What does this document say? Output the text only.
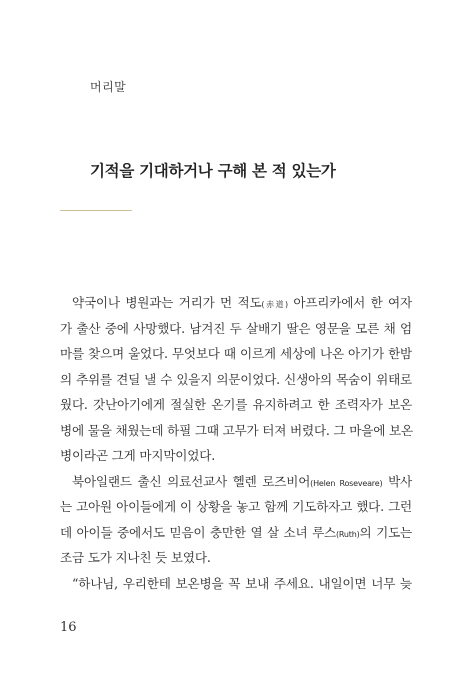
머리말
기적을 기대하거나 구해 본 적 있는가
약국이나 병원과는 거리가 먼 적도(赤道) 아프리카에서 한 여자
가 출산 중에 사망했다. 남겨진 두 살배기 딸은 영문을 모른 채 엄
마를 찾으며 울었다. 무엇보다 때 이르게 세상에 나온 아기가 한밤
의 추위를 견딜 낼 수 있을지 의문이었다. 신생아의 목숨이 위태로
웠다. 갓난아기에게 절실한 온기를 유지하려고 한 조력자가 보온
병에 물을 채웠는데 하필 그때 고무가 터져 버렸다. 그 마을에 보온
병이라곤 그게 마지막이었다.
북아일랜드 출신 의료선교사 헬렌 로즈비어(Helen Roseveare) 박사
는 고아원 아이들에게 이 상황을 놓고 함께 기도하자고 했다. 그런
데 아이들 중에서도 믿음이 충만한 열 살 소녀 루스(Ruth)의 기도는
조금 도가 지나친 듯 보였다.
“하나님, 우리한테 보온병을 꼭 보내 주세요. 내일이면 너무 늦
16
